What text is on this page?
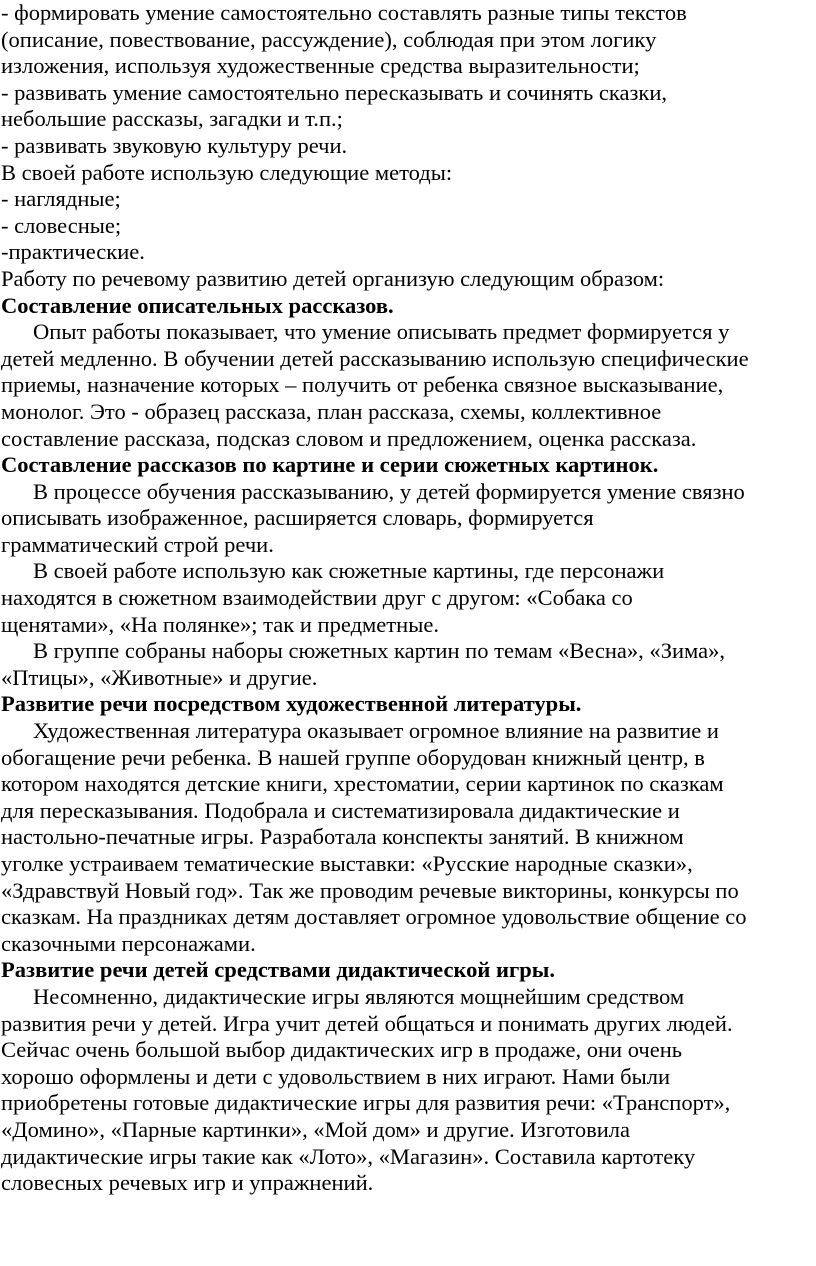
- формировать умение самостоятельно составлять разные типы текстов

(описание, повествование, рассуждение), соблюдая при этом логику

изложения, используя художественные средства выразительности;

- развивать умение самостоятельно пересказывать и сочинять сказки,

небольшие рассказы, загадки и т.п.;

- развивать звуковую культуру речи.

В своей работе использую следующие методы:

- наглядные;

- словесные;

-практические.

Работу по речевому развитию детей организую следующим образом:

Составление описательных рассказов.

Опыт работы показывает, что умение описывать предмет формируется у

детей медленно. В обучении детей рассказыванию использую специфические

приемы, назначение которых – получить от ребенка связное высказывание,

монолог. Это - образец рассказа, план рассказа, схемы, коллективное

составление рассказа, подсказ словом и предложением, оценка рассказа.

Составление рассказов по картине и серии сюжетных картинок.

В процессе обучения рассказыванию, у детей формируется умение связно

описывать изображенное, расширяется словарь, формируется

грамматический строй речи.

В своей работе использую как сюжетные картины, где персонажи

находятся в сюжетном взаимодействии друг с другом: «Собака со

щенятами», «На полянке»; так и предметные.

В группе собраны наборы сюжетных картин по темам «Весна», «Зима»,

«Птицы», «Животные» и другие.

Развитие речи посредством художественной литературы.

Художественная литература оказывает огромное влияние на развитие и

обогащение речи ребенка. В нашей группе оборудован книжный центр, в

котором находятся детские книги, хрестоматии, серии картинок по сказкам

для пересказывания. Подобрала и систематизировала дидактические и

настольно-печатные игры. Разработала конспекты занятий. В книжном

уголке устраиваем тематические выставки: «Русские народные сказки»,

«Здравствуй Новый год». Так же проводим речевые викторины, конкурсы по

сказкам. На праздниках детям доставляет огромное удовольствие общение со

сказочными персонажами.

Развитие речи детей средствами дидактической игры.

Несомненно, дидактические игры являются мощнейшим средством

развития речи у детей. Игра учит детей общаться и понимать других людей.

Сейчас очень большой выбор дидактических игр в продаже, они очень

хорошо оформлены и дети с удовольствием в них играют. Нами были

приобретены готовые дидактические игры для развития речи: «Транспорт»,

«Домино», «Парные картинки», «Мой дом» и другие. Изготовила

дидактические игры такие как «Лото», «Магазин». Составила картотеку

словесных речевых игр и упражнений.
